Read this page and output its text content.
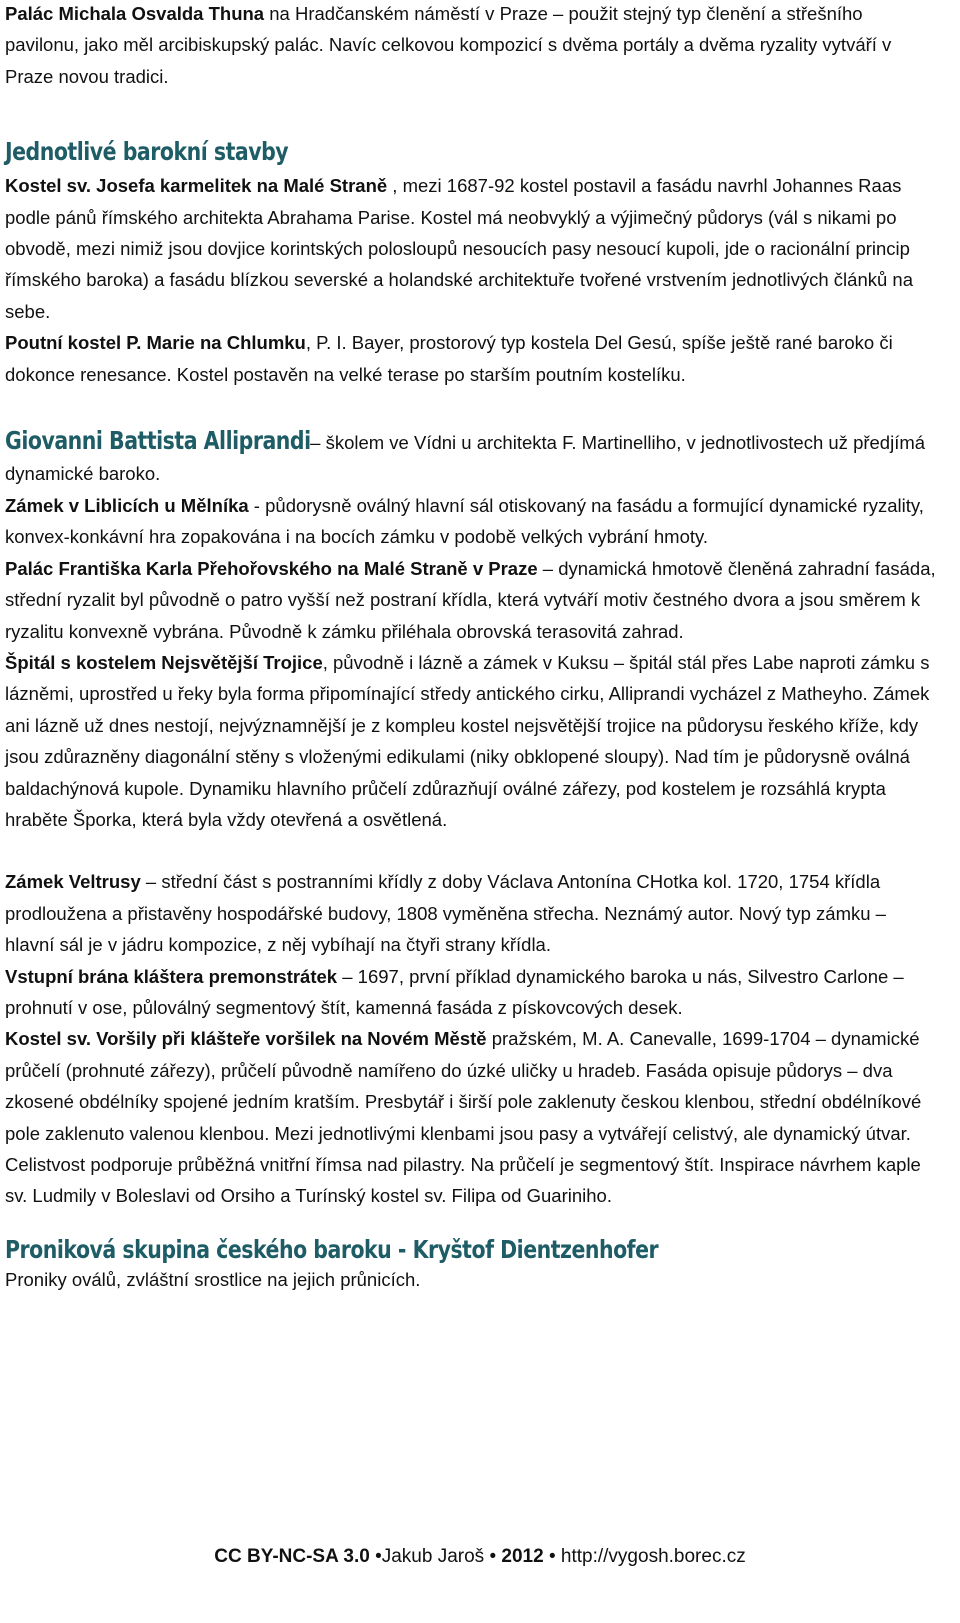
Palác Michala Osvalda Thuna na Hradčanském náměstí v Praze – použit stejný typ členění a střešního pavilonu, jako měl arcibiskupský palác. Navíc celkovou kompozicí s dvěma portály a dvěma ryzality vytváří v Praze novou tradici.

Jednotlivé barokní stavby

Kostel sv. Josefa karmelitek na Malé Straně , mezi 1687-92 kostel postavil a fasádu navrhl Johannes Raas podle pánů římského architekta Abrahama Parise. Kostel má neobvyklý a výjimečný půdorys (vál s nikami po obvodě, mezi nimiž jsou dovjice korintských polosloupů nesoucích pasy nesoucí kupoli, jde o racionální princip římského baroka) a fasádu blízkou severské a holandské architektuře tvořené vrstvením jednotlivých článků na sebe.

Poutní kostel P. Marie na Chlumku, P. I. Bayer, prostorový typ kostela Del Gesú, spíše ještě rané baroko či dokonce renesance. Kostel postavěn na velké terase po starším poutním kostelíku.

Giovanni Battista Alliprandi – školem ve Vídni u architekta F. Martinelliho, v jednotlivostech už předjímá dynamické baroko.

Zámek v Liblicích u Mělníka - půdorysně oválný hlavní sál otiskovaný na fasádu a formující dynamické ryzality, konvex-konkávní hra zopakována i na bocích zámku v podobě velkých vybrání hmoty.

Palác Františka Karla Přehořovského na Malé Straně v Praze – dynamická hmotově členěná zahradní fasáda, střední ryzalit byl původně o patro vyšší než postraní křídla, která vytváří motiv čestného dvora a jsou směrem k ryzalitu konvexně vybrána. Původně k zámku přiléhala obrovská terasovitá zahrad.

Špitál s kostelem Nejsvětější Trojice, původně i lázně a zámek v Kuksu – špitál stál přes Labe naproti zámku s lázněmi, uprostřed u řeky byla forma připomínající středy antického cirku, Alliprandi vycházel z Matheyho. Zámek ani lázně už dnes nestojí, nejvýznamnější je z kompleu kostel nejsvětější trojice na půdorysu řeského kříže, kdy jsou zdůrazněny diagonální stěny s vloženými edikulami (niky obklopené sloupy). Nad tím je půdorysně oválná baldachýnová kupole. Dynamiku hlavního průčelí zdůrazňují oválné zářezy, pod kostelem je rozsáhlá krypta hraběte Šporka, která byla vždy otevřená a osvětlená.

Zámek Veltrusy – střední část s postranními křídly z doby Václava Antonína CHotka kol. 1720, 1754 křídla prodloužena a přistavěny hospodářské budovy, 1808 vyměněna střecha. Neznámý autor. Nový typ zámku – hlavní sál je v jádru kompozice, z něj vybíhají na čtyři strany křídla.

Vstupní brána kláštera premonstrátek – 1697, první příklad dynamického baroka u nás, Silvestro Carlone – prohnutí v ose, půloválný segmentový štít, kamenná fasáda z pískovcových desek.

Kostel sv. Voršily při klášteře voršilek na Novém Městě pražském, M. A. Canevalle, 1699-1704 – dynamické průčelí (prohnuté zářezy), průčelí původně namířeno do úzké uličky u hradeb. Fasáda opisuje půdorys – dva zkosené obdélníky spojené jedním kratším. Presbytář i širší pole zaklenuty českou klenbou, střední obdélníkové pole zaklenuto valenou klenbou. Mezi jednotlivými klenbami jsou pasy a vytvářejí celistvý, ale dynamický útvar. Celistvost podporuje průběžná vnitřní římsa nad pilastry. Na průčelí je segmentový štít. Inspirace návrhem kaple sv. Ludmily v Boleslavi od Orsiho a Turínský kostel sv. Filipa od Guariniho.

Proniková skupina českého baroku - Kryštof Dientzenhofer

Proniky oválů, zvláštní srostlice na jejich průnicích.

CC BY-NC-SA 3.0 •Jakub Jaroš • 2012 • http://vygosh.borec.cz
